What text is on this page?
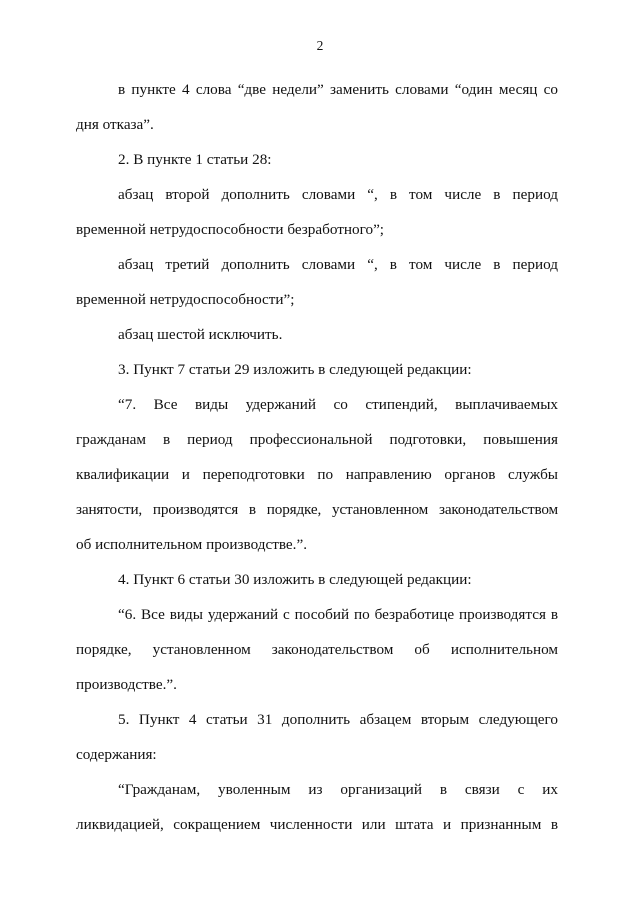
2
в пункте 4 слова “две недели” заменить словами “один месяц со
дня отказа”.
2. В пункте 1 статьи 28:
абзац второй дополнить словами “, в том числе в период
временной нетрудоспособности безработного”;
абзац третий дополнить словами “, в том числе в период
временной нетрудоспособности”;
абзац шестой исключить.
3. Пункт 7 статьи 29 изложить в следующей редакции:
“7. Все виды удержаний со стипендий, выплачиваемых
гражданам в период профессиональной подготовки, повышения
квалификации и переподготовки по направлению органов службы
занятости, производятся в порядке, установленном законодательством
об исполнительном производстве.”.
4. Пункт 6 статьи 30 изложить в следующей редакции:
“6. Все виды удержаний с пособий по безработице производятся в
порядке, установленном законодательством об исполнительном
производстве.”.
5. Пункт 4 статьи 31 дополнить абзацем вторым следующего
содержания:
“Гражданам, уволенным из организаций в связи с их
ликвидацией, сокращением численности или штата и признанным в
